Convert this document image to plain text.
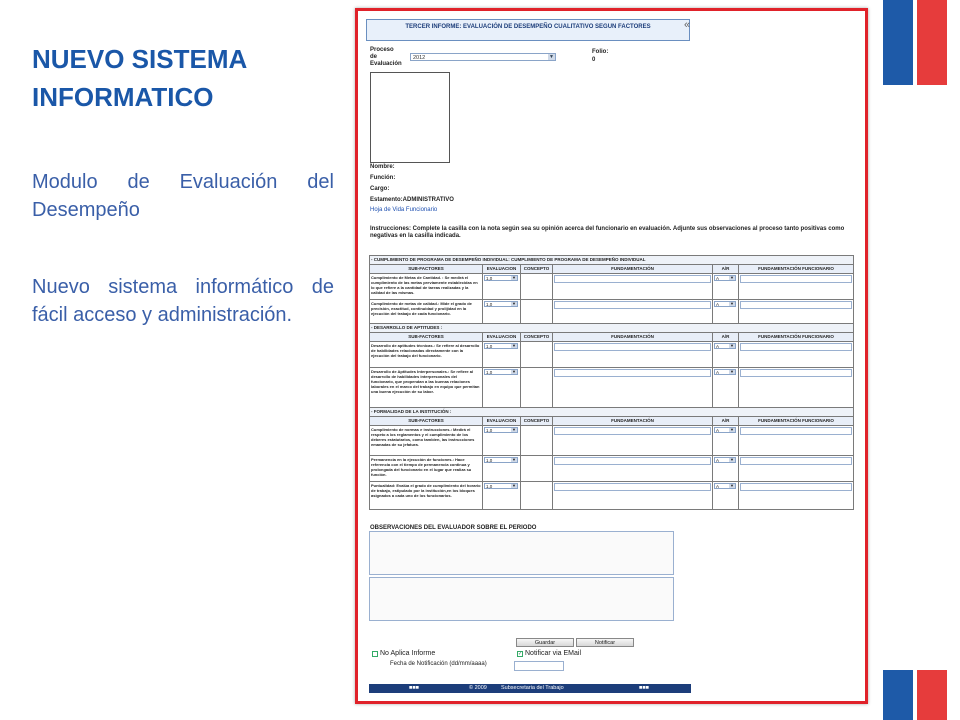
NUEVO SISTEMA INFORMATICO

Modulo de Evaluación del Desempeño

Nuevo sistema informático de fácil acceso y administración.

TERCER INFORME: EVALUACIÓN DE DESEMPEÑO CUALITATIVO SEGUN FACTORES	«
Proceso de Evaluación
2012	▼
Folio:
0
Nombre:
Función:
Cargo:
Estamento:ADMINISTRATIVO
Hoja de Vida Funcionario
Instrucciones: Complete la casilla con la nota según sea su opinión acerca del funcionario en evaluación. Adjunte sus observaciones al proceso tanto positivas como negativas en la casilla indicada.
- CUMPLIMIENTO DE PROGRAMA DE DESEMPEÑO INDIVIDUAL: CUMPLIMIENTO DE PROGRAMA DE DESEMPEÑO INDIVIDUAL					
SUB-FACTORES	EVALUACION	CONCEPTO	FUNDAMENTACIÓN	A/R	FUNDAMENTACIÓN FUNCIONARIO
Cumplimiento de Metas de Cantidad. : Se medirá el cumplimiento de las metas previamente establecidas en lo que refiere a la cantidad de tareas realizadas y la calidad de las mismas.	1,0 ▼			A ▼	

Cumplimiento de metas de calidad.: Mide el grado de precisión, exactitud, continuidad y prolijidad en la ejecución del trabajo de cada funcionario.	1,0 ▼			A ▼	

- DESARROLLO DE APTITUDES :					
SUB-FACTORES	EVALUACION	CONCEPTO	FUNDAMENTACIÓN	A/R	FUNDAMENTACIÓN FUNCIONARIO
Desarrollo de aptitudes técnicas.: Se refiere al desarrollo de habilidades relacionadas directamente con la ejecución del trabajo del funcionario.	1,0 ▼			A ▼	

Desarrollo de Aptitudes Interpersonales.: Se refiere al desarrollo de habilidades interpersonales del funcionario, que propendan a las buenas relaciones laborales en el marco del trabajo en equipo que permitan una buena ejecución de su labor.	1,0 ▼			A ▼	

- FORMALIDAD DE LA INSTITUCIÓN :					
SUB-FACTORES	EVALUACION	CONCEPTO	FUNDAMENTACIÓN	A/R	FUNDAMENTACIÓN FUNCIONARIO
Cumplimiento de normas e instrucciones.: Medirá el respeto a los reglamentos y el cumplimiento de los deberes estatutarios, como tambien, las instrucciones emanadas de su jefatura.	1,0 ▼			A ▼	

Permanencia en la ejecución de funciones.: Hace referencia con el tiempo de permanencia continua y prolongada del funcionario en el lugar que realiza su función.	1,0 ▼			A ▼	

Puntualidad: Evalúa el grado de cumplimiento del horario de trabajo, estipulado por la institución,en los bloques asignados a cada uno de los funcionarios.	1,0 ▼			A ▼	

OBSERVACIONES DEL EVALUADOR SOBRE EL PERIODO
Guardar	Notificar
No Aplica Informe	✓ Notificar via EMail
Fecha de Notificación (dd/mm/aaaa)
■■■	© 2009	Subsecretaria del Trabajo	■■■
